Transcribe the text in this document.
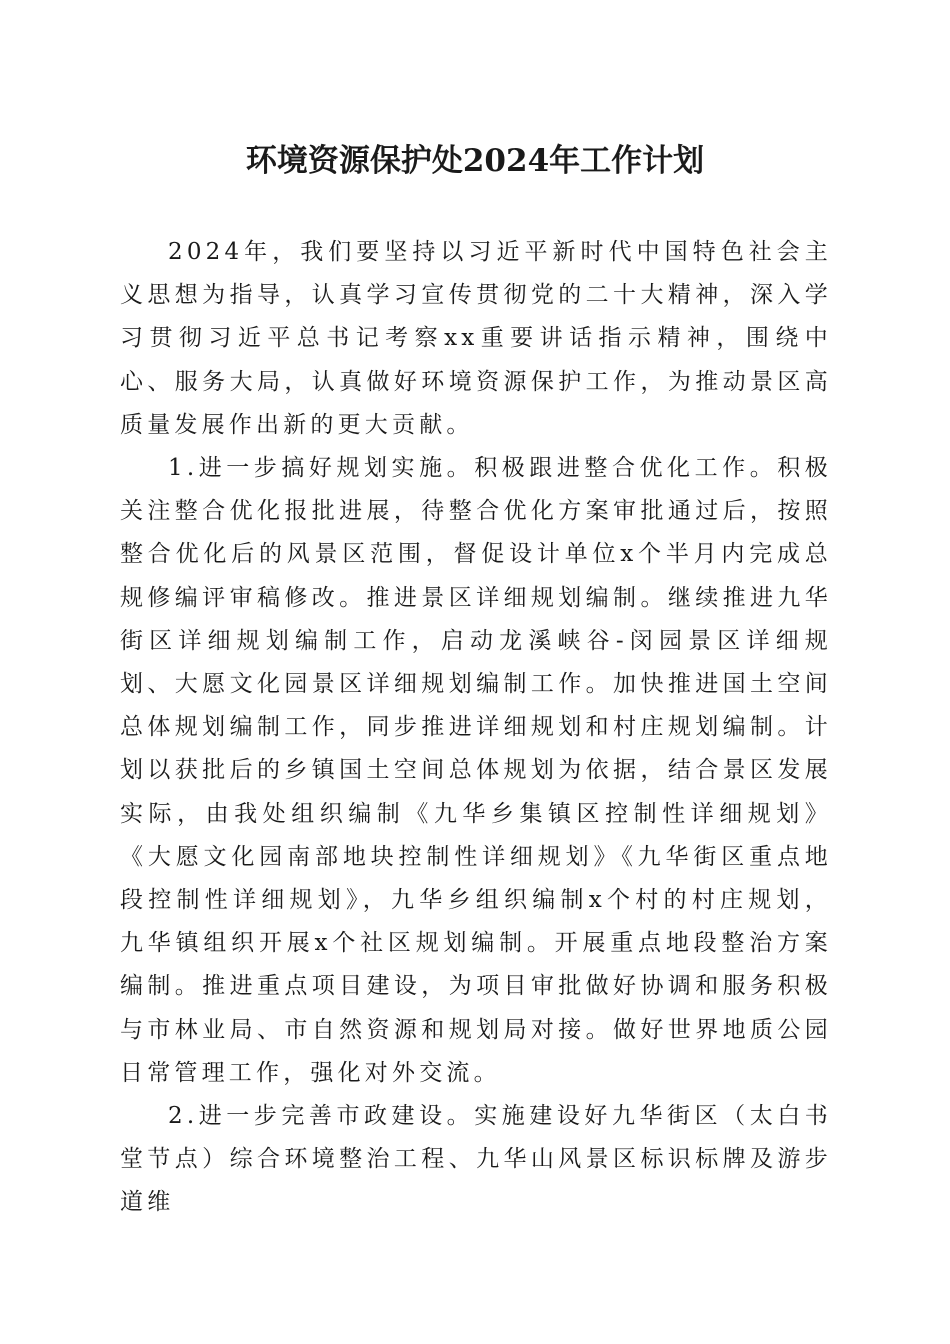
环境资源保护处2024年工作计划

2024年，我们要坚持以习近平新时代中国特色社会主义思想为指导，认真学习宣传贯彻党的二十大精神，深入学习贯彻习近平总书记考察xx重要讲话指示精神，围绕中心、服务大局，认真做好环境资源保护工作，为推动景区高质量发展作出新的更大贡献。

1.进一步搞好规划实施。积极跟进整合优化工作。积极关注整合优化报批进展，待整合优化方案审批通过后，按照整合优化后的风景区范围，督促设计单位x个半月内完成总规修编评审稿修改。推进景区详细规划编制。继续推进九华街区详细规划编制工作，启动龙溪峡谷-闵园景区详细规划、大愿文化园景区详细规划编制工作。加快推进国土空间总体规划编制工作，同步推进详细规划和村庄规划编制。计划以获批后的乡镇国土空间总体规划为依据，结合景区发展实际，由我处组织编制《九华乡集镇区控制性详细规划》《大愿文化园南部地块控制性详细规划》《九华街区重点地段控制性详细规划》，九华乡组织编制x个村的村庄规划，九华镇组织开展x个社区规划编制。开展重点地段整治方案编制。推进重点项目建设，为项目审批做好协调和服务积极与市林业局、市自然资源和规划局对接。做好世界地质公园日常管理工作，强化对外交流。

2.进一步完善市政建设。实施建设好九华街区（太白书堂节点）综合环境整治工程、九华山风景区标识标牌及游步道维
